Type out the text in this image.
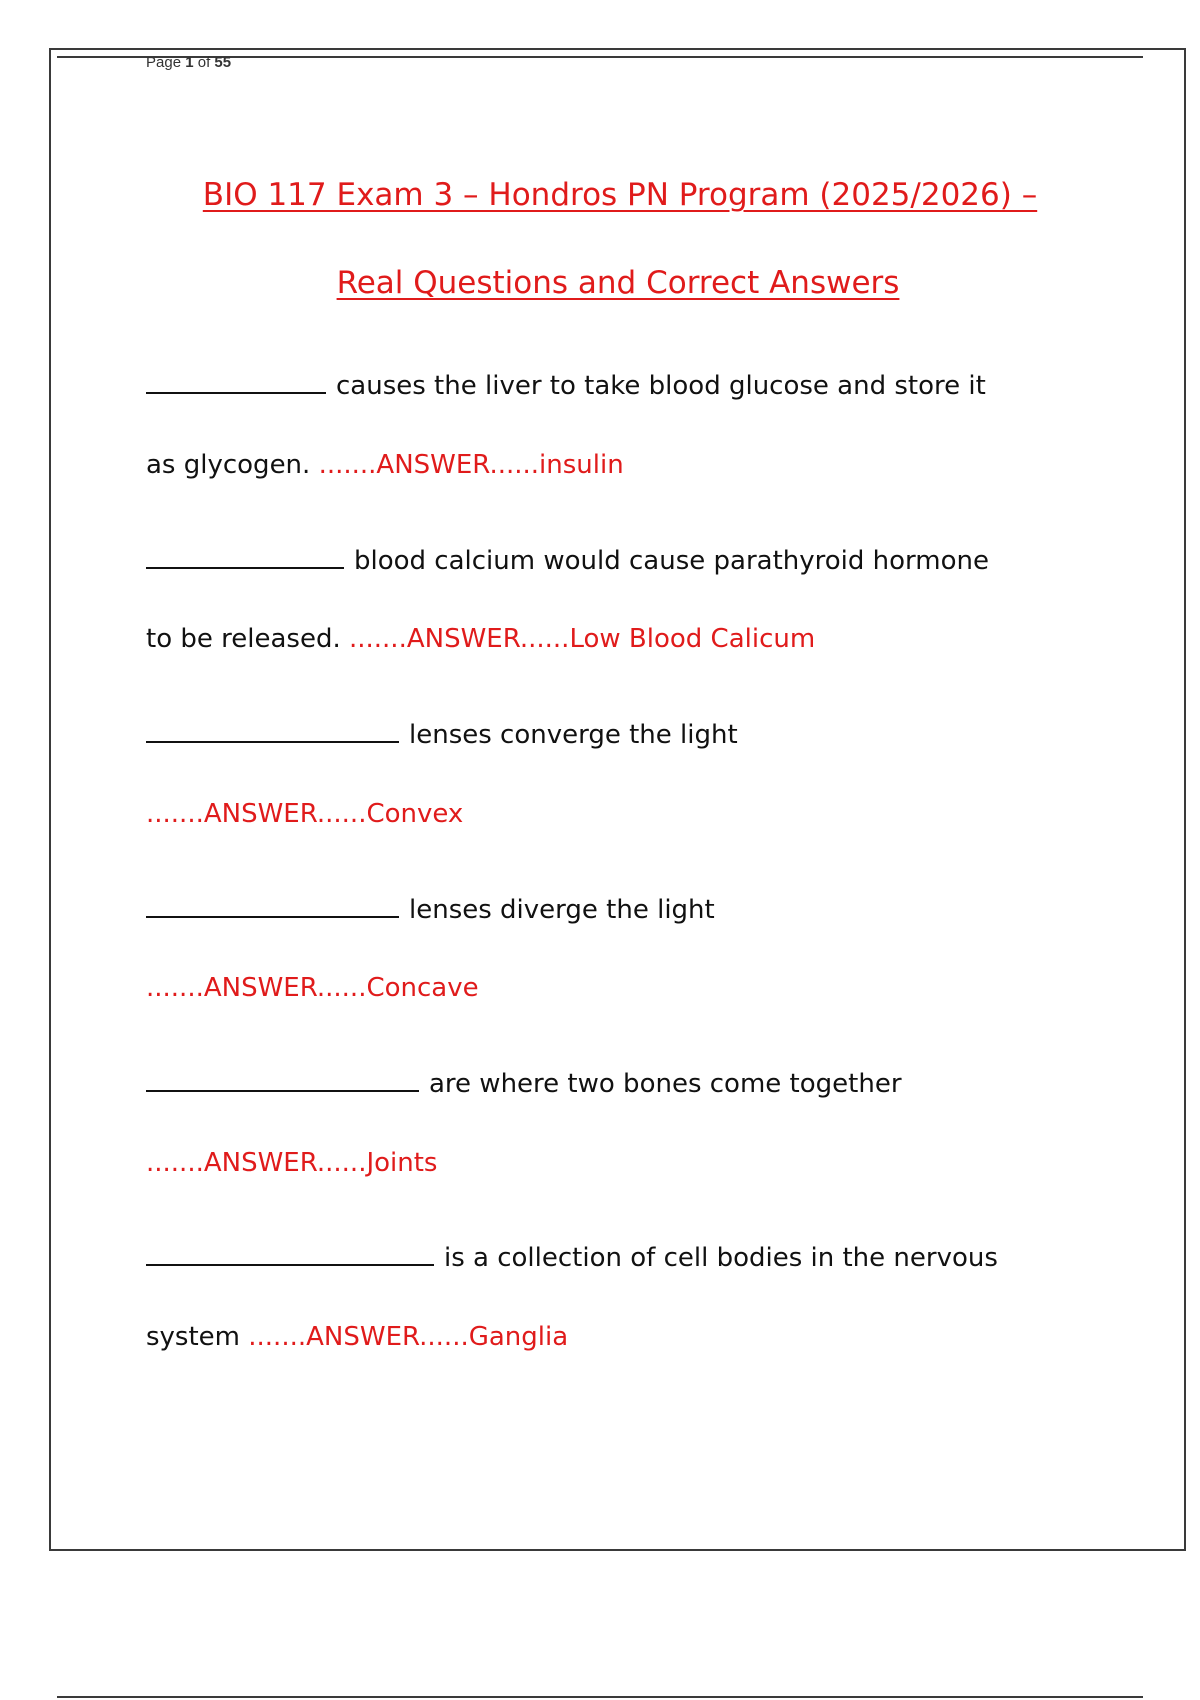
Page 1 of 55
BIO 117 Exam 3 – Hondros PN Program (2025/2026) –
Real Questions and Correct Answers
causes the liver to take blood glucose and store it
as glycogen. .......ANSWER......insulin
blood calcium would cause parathyroid hormone
to be released. .......ANSWER......Low Blood Calicum
lenses converge the light
.......ANSWER......Convex
lenses diverge the light
.......ANSWER......Concave
are where two bones come together
.......ANSWER......Joints
is a collection of cell bodies in the nervous
system .......ANSWER......Ganglia
